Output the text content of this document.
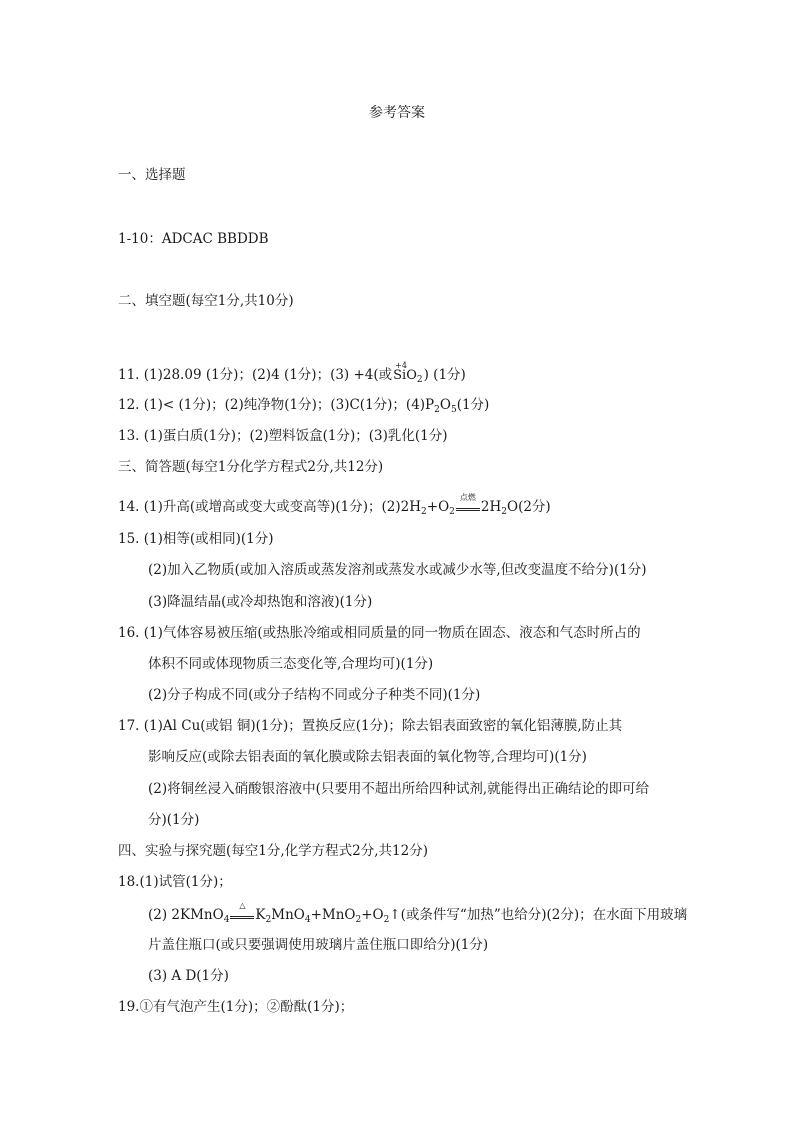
参考答案
一、选择题
1-10：ADCAC BBDDB
二、填空题(每空1分,共10分)
11. (1)28.09 (1分)；(2)4 (1分)；(3) +4(或
+4
SiO$_2$) (1分)
12. (1)< (1分)；(2)纯净物(1分)；(3)C(1分)；$(4)P_2O_5(1$分)
13. (1)蛋白质(1分)；(2)塑料饭盒(1分)；(3)乳化(1分)
三、简答题(每空1分化学方程式2分,共12分)
14. (1)升高(或增高或变大或变高等)(1分)；$(2)2H_2+O_2$
点燃
$2H_2O(2$分)
15. (1)相等(或相同)(1分)
(2)加入乙物质(或加入溶质或蒸发溶剂或蒸发水或减少水等,但改变温度不给分)(1分)
(3)降温结晶(或冷却热饱和溶液)(1分)
16. (1)气体容易被压缩(或热胀冷缩或相同质量的同一物质在固态、液态和气态时所占的
体积不同或体现物质三态变化等,合理均可)(1分)
(2)分子构成不同(或分子结构不同或分子种类不同)(1分)
17. (1)Al Cu(或铝 铜)(1分)；置换反应(1分)；除去铝表面致密的氧化铝薄膜,防止其
影响反应(或除去铝表面的氧化膜或除去铝表面的氧化物等,合理均可)(1分)
(2)将铜丝浸入硝酸银溶液中(只要用不超出所给四种试剂,就能得出正确结论的即可给
分)(1分)
四、实验与探究题(每空1分,化学方程式2分,共12分)
18.(1)试管(1分)；
(2) 2KMnO$_4$
△
$K_2MnO_4+MnO_2+O_2↑$(或条件写“加热”也给分)(2分)；在水面下用玻璃
片盖住瓶口(或只要强调使用玻璃片盖住瓶口即给分)(1分)
(3) A D(1分)
19.①有气泡产生(1分)；②酚酞(1分)；
